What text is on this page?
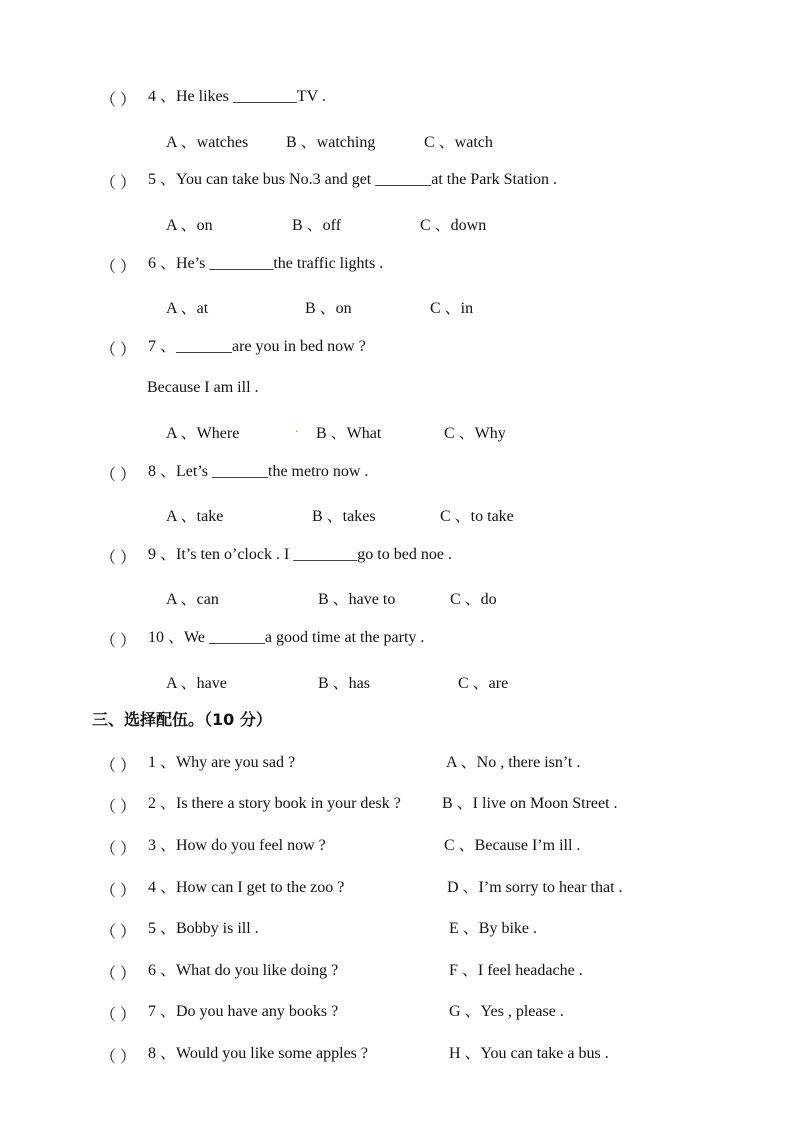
（ ） 4 、He likes ________TV .
A 、watches B 、watching	C 、watch
（ ） 5 、You can take bus No.3 and get _______at the Park Station .
A 、on	B 、off	C 、down
（ ） 6 、He’s ________the traffic lights .
A 、at	B 、on	C 、in
（ ） 7 、_______are you in bed now ?
Because I am ill .
A 、Where	. B 、What	C 、Why
（ ） 8 、Let’s _______the metro now .
A 、take	B 、takes	C 、to take
（ ） 9 、It’s ten o’clock . I ________go to bed noe .
A 、can	B 、have to	C 、do
（ ） 10 、We _______a good time at the party .
A 、have	B 、has	C 、are
三、选择配伍。（10 分）
（ ） 1 、Why are you sad ?	A 、No , there isn’t .
（ ） 2 、Is there a story book in your desk ?	B 、I live on Moon Street .
（ ） 3 、How do you feel now ?	C 、Because I’m ill .
（ ） 4 、How can I get to the zoo ?	D 、I’m sorry to hear that .
（ ） 5 、Bobby is ill .	E 、By bike .
（ ） 6 、What do you like doing ?	F 、I feel headache .
（ ） 7 、Do you have any books ?	G 、Yes , please .
（ ） 8 、Would you like some apples ?	H 、You can take a bus .
